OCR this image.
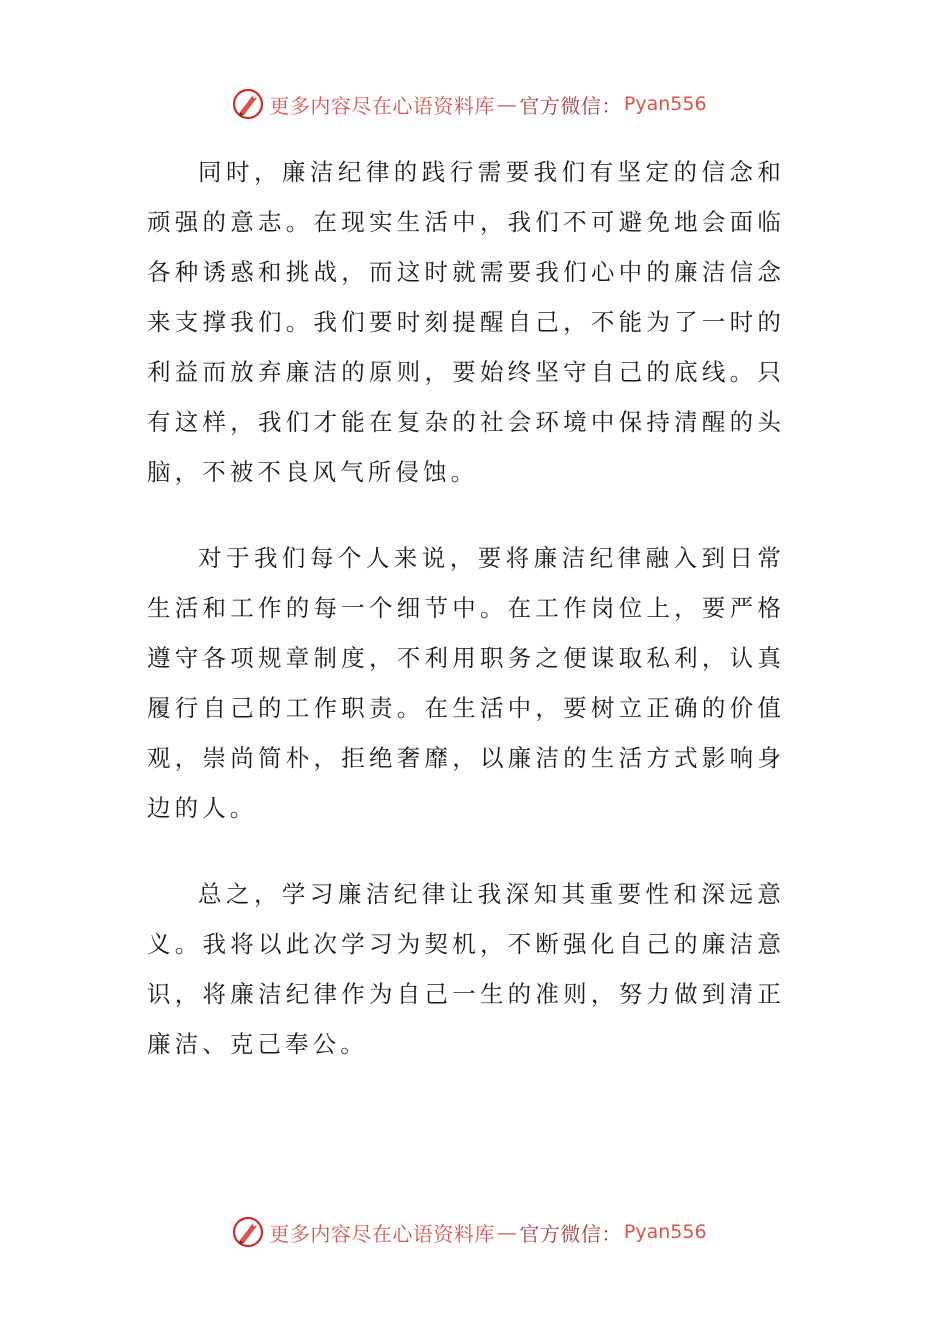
更多内容尽在心语资料库 — 官方微信： Pyan556

同时，廉洁纪律的践行需要我们有坚定的信念和顽强的意志。在现实生活中，我们不可避免地会面临各种诱惑和挑战，而这时就需要我们心中的廉洁信念来支撑我们。我们要时刻提醒自己，不能为了一时的利益而放弃廉洁的原则，要始终坚守自己的底线。只有这样，我们才能在复杂的社会环境中保持清醒的头脑，不被不良风气所侵蚀。

对于我们每个人来说，要将廉洁纪律融入到日常生活和工作的每一个细节中。在工作岗位上，要严格遵守各项规章制度，不利用职务之便谋取私利，认真履行自己的工作职责。在生活中，要树立正确的价值观，崇尚简朴，拒绝奢靡，以廉洁的生活方式影响身边的人。

总之，学习廉洁纪律让我深知其重要性和深远意义。我将以此次学习为契机，不断强化自己的廉洁意识，将廉洁纪律作为自己一生的准则，努力做到清正廉洁、克己奉公。

更多内容尽在心语资料库 — 官方微信： Pyan556
